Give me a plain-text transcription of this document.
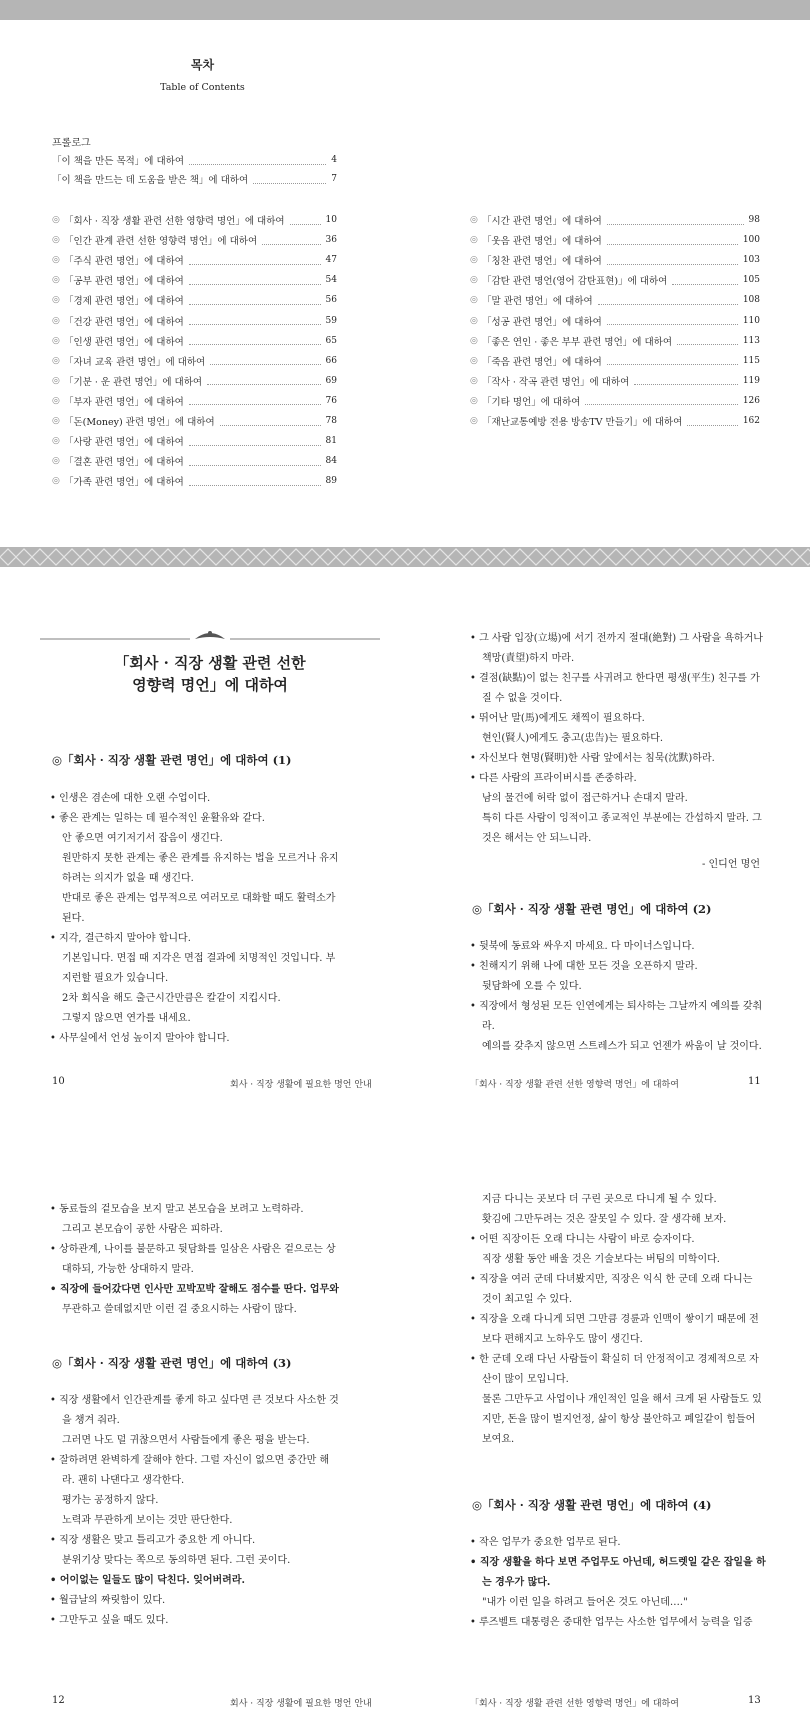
목차
Table of Contents
프롤로그
「이 책을 만든 목적」에 대하여	4
「이 책을 만드는 데 도움을 받은 책」에 대하여	7
◎ 「회사 · 직장 생활 관련 선한 영향력 명언」에 대하여	10
◎ 「인간 관계 관련 선한 영향력 명언」에 대하여	36
◎ 「주식 관련 명언」에 대하여	47
◎ 「공부 관련 명언」에 대하여	54
◎ 「경제 관련 명언」에 대하여	56
◎ 「건강 관련 명언」에 대하여	59
◎ 「인생 관련 명언」에 대하여	65
◎ 「자녀 교육 관련 명언」에 대하여	66
◎ 「기분 · 운 관련 명언」에 대하여	69
◎ 「부자 관련 명언」에 대하여	76
◎ 「돈(Money) 관련 명언」에 대하여	78
◎ 「사랑 관련 명언」에 대하여	81
◎ 「결혼 관련 명언」에 대하여	84
◎ 「가족 관련 명언」에 대하여	89
◎ 「시간 관련 명언」에 대하여	98
◎ 「웃음 관련 명언」에 대하여	100
◎ 「칭찬 관련 명언」에 대하여	103
◎ 「감탄 관련 명언(영어 감탄표현)」에 대하여	105
◎ 「말 관련 명언」에 대하여	108
◎ 「성공 관련 명언」에 대하여	110
◎ 「좋은 연인 · 좋은 부부 관련 명언」에 대하여	113
◎ 「죽음 관련 명언」에 대하여	115
◎ 「작사 · 작곡 관련 명언」에 대하여	119
◎ 「기타 명언」에 대하여	126
◎ 「재난교통예방 전용 방송TV 만들기」에 대하여	162
「회사 · 직장 생활 관련 선한
영향력 명언」에 대하여
◎「회사 · 직장 생활 관련 명언」에 대하여 (1)
• 인생은 겸손에 대한 오랜 수업이다.
• 좋은 관계는 일하는 데 필수적인 윤활유와 같다.
안 좋으면 여기저기서 잡음이 생긴다.
원만하지 못한 관계는 좋은 관계를 유지하는 법을 모르거나 유지
하려는 의지가 없을 때 생긴다.
반대로 좋은 관계는 업무적으로 여러모로 대화할 때도 활력소가
된다.
• 지각, 결근하지 말아야 합니다.
기본입니다. 면접 때 지각은 면접 결과에 치명적인 것입니다. 부
지런할 필요가 있습니다.
2차 회식을 해도 출근시간만큼은 칼같이 지킵시다.
그렇지 않으면 연가를 내세요.
• 사무실에서 언성 높이지 말아야 합니다.
10	회사 · 직장 생활에 필요한 명언 안내
• 그 사람 입장(立場)에 서기 전까지 절대(絶對) 그 사람을 욕하거나
책망(責望)하지 마라.
• 결점(缺點)이 없는 친구를 사귀려고 한다면 평생(平生) 친구를 가
질 수 없을 것이다.
• 뛰어난 말(馬)에게도 채찍이 필요하다.
현인(賢人)에게도 충고(忠告)는 필요하다.
• 자신보다 현명(賢明)한 사람 앞에서는 침묵(沈默)하라.
• 다른 사람의 프라이버시를 존중하라.
남의 물건에 허락 없이 접근하거나 손대지 말라.
특히 다른 사람이 잉적이고 종교적인 부분에는 간섭하지 말라. 그
것은 해서는 안 되느니라.
- 인디언 명언
◎「회사 · 직장 생활 관련 명언」에 대하여 (2)
• 뒷북에 동료와 싸우지 마세요. 다 마이너스입니다.
• 친해지기 위해 나에 대한 모든 것을 오픈하지 말라.
뒷담화에 오를 수 있다.
• 직장에서 형성된 모든 인연에게는 퇴사하는 그날까지 예의를 갖춰
라.
예의를 갖추지 않으면 스트레스가 되고 언젠가 싸움이 날 것이다.
「회사 · 직장 생활 관련 선한 영향력 명언」에 대하여	11
• 동료들의 겉모습을 보지 말고 본모습을 보려고 노력하라.
그리고 본모습이 공한 사람은 피하라.
• 상하관계, 나이를 불문하고 뒷담화를 일삼은 사람은 겉으로는 상
대하되, 가능한 상대하지 말라.
• 직장에 들어갔다면 인사만 꼬박꼬박 잘해도 점수를 딴다. 업무와
무관하고 쓸데없지만 이런 걸 중요시하는 사람이 많다.
◎「회사 · 직장 생활 관련 명언」에 대하여 (3)
• 직장 생활에서 인간관계를 좋게 하고 싶다면 큰 것보다 사소한 것
을 챙겨 줘라.
그러면 나도 덜 귀찮으면서 사람들에게 좋은 평을 받는다.
• 잘하려면 완벽하게 잘해야 한다. 그럴 자신이 없으면 중간만 해
라. 괜히 나댄다고 생각한다.
평가는 공정하지 않다.
노력과 무관하게 보이는 것만 판단한다.
• 직장 생활은 맞고 틀리고가 중요한 게 아니다.
분위기상 맞다는 쪽으로 동의하면 된다. 그런 곳이다.
• 어이없는 일들도 많이 닥친다. 잊어버려라.
• 월급날의 짜릿함이 있다.
• 그만두고 싶을 때도 있다.
12	회사 · 직장 생활에 필요한 명언 안내
지금 다니는 곳보다 더 구린 곳으로 다니게 될 수 있다.
홧김에 그만두려는 것은 잘못일 수 있다. 잘 생각해 보자.
• 어떤 직장이든 오래 다니는 사람이 바로 승자이다.
직장 생활 동안 배울 것은 기술보다는 버팀의 미학이다.
• 직장을 여러 군데 다녀봤지만, 직장은 익식 한 군데 오래 다니는
것이 최고일 수 있다.
• 직장을 오래 다니게 되면 그만큼 경륜과 인맥이 쌓이기 때문에 전
보다 편해지고 노하우도 많이 생긴다.
• 한 군데 오래 다닌 사람들이 확실히 더 안정적이고 경제적으로 자
산이 많이 모입니다.
물론 그만두고 사업이나 개인적인 일을 해서 크게 된 사람들도 있
지만, 돈을 많이 벌지언정, 삶이 항상 불안하고 폐일같이 힘들어
보여요.
◎「회사 · 직장 생활 관련 명언」에 대하여 (4)
• 작은 업무가 중요한 업무로 된다.
• 직장 생활을 하다 보면 주업무도 아닌데, 허드렛일 같은 잡일을 하
는 경우가 많다.
"내가 이런 일을 하려고 들어온 것도 아닌데…."
• 루즈벨트 대통령은 중대한 업무는 사소한 업무에서 능력을 입증
「회사 · 직장 생활 관련 선한 영향력 명언」에 대하여	13
